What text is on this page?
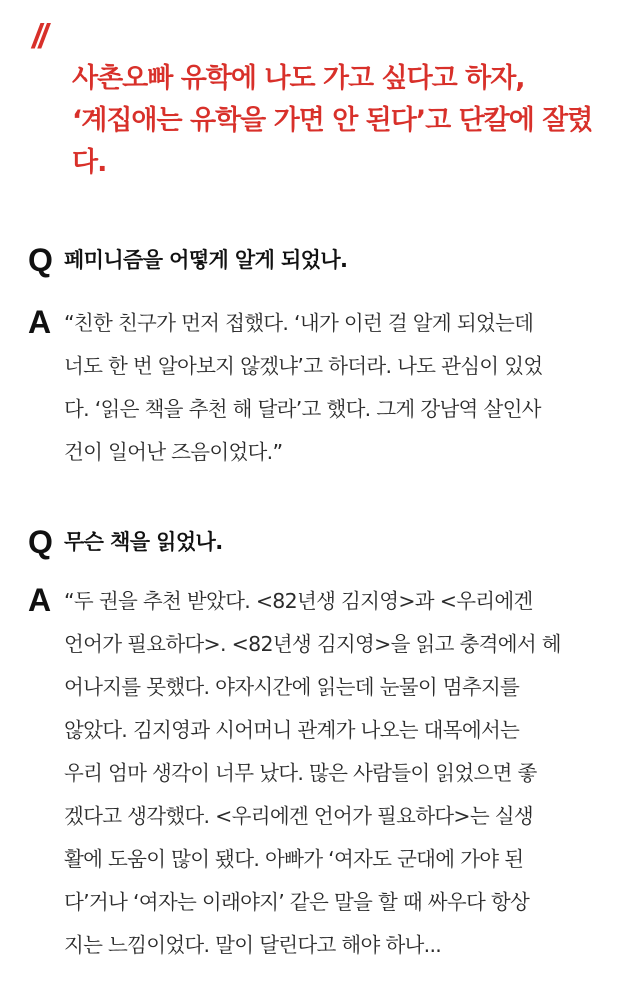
//
사촌오빠 유학에 나도 가고 싶다고 하자,
‘계집애는 유학을 가면 안 된다’고 단칼에 잘렸
다.
Q 페미니즘을 어떻게 알게 되었나.
A “친한 친구가 먼저 접했다. ‘내가 이런 걸 알게 되었는데
너도 한 번 알아보지 않겠냐’고 하더라. 나도 관심이 있었
다. ‘읽은 책을 추천 해 달라’고 했다. 그게 강남역 살인사
건이 일어난 즈음이었다.”
Q 무슨 책을 읽었나.
A “두 권을 추천 받았다. <82년생 김지영>과 <우리에겐
언어가 필요하다>. <82년생 김지영>을 읽고 충격에서 헤
어나지를 못했다. 야자시간에 읽는데 눈물이 멈추지를
않았다. 김지영과 시어머니 관계가 나오는 대목에서는
우리 엄마 생각이 너무 났다. 많은 사람들이 읽었으면 좋
겠다고 생각했다. <우리에겐 언어가 필요하다>는 실생
활에 도움이 많이 됐다. 아빠가 ‘여자도 군대에 가야 된
다’거나 ‘여자는 이래야지’ 같은 말을 할 때 싸우다 항상
지는 느낌이었다. 말이 달린다고 해야 하나...
